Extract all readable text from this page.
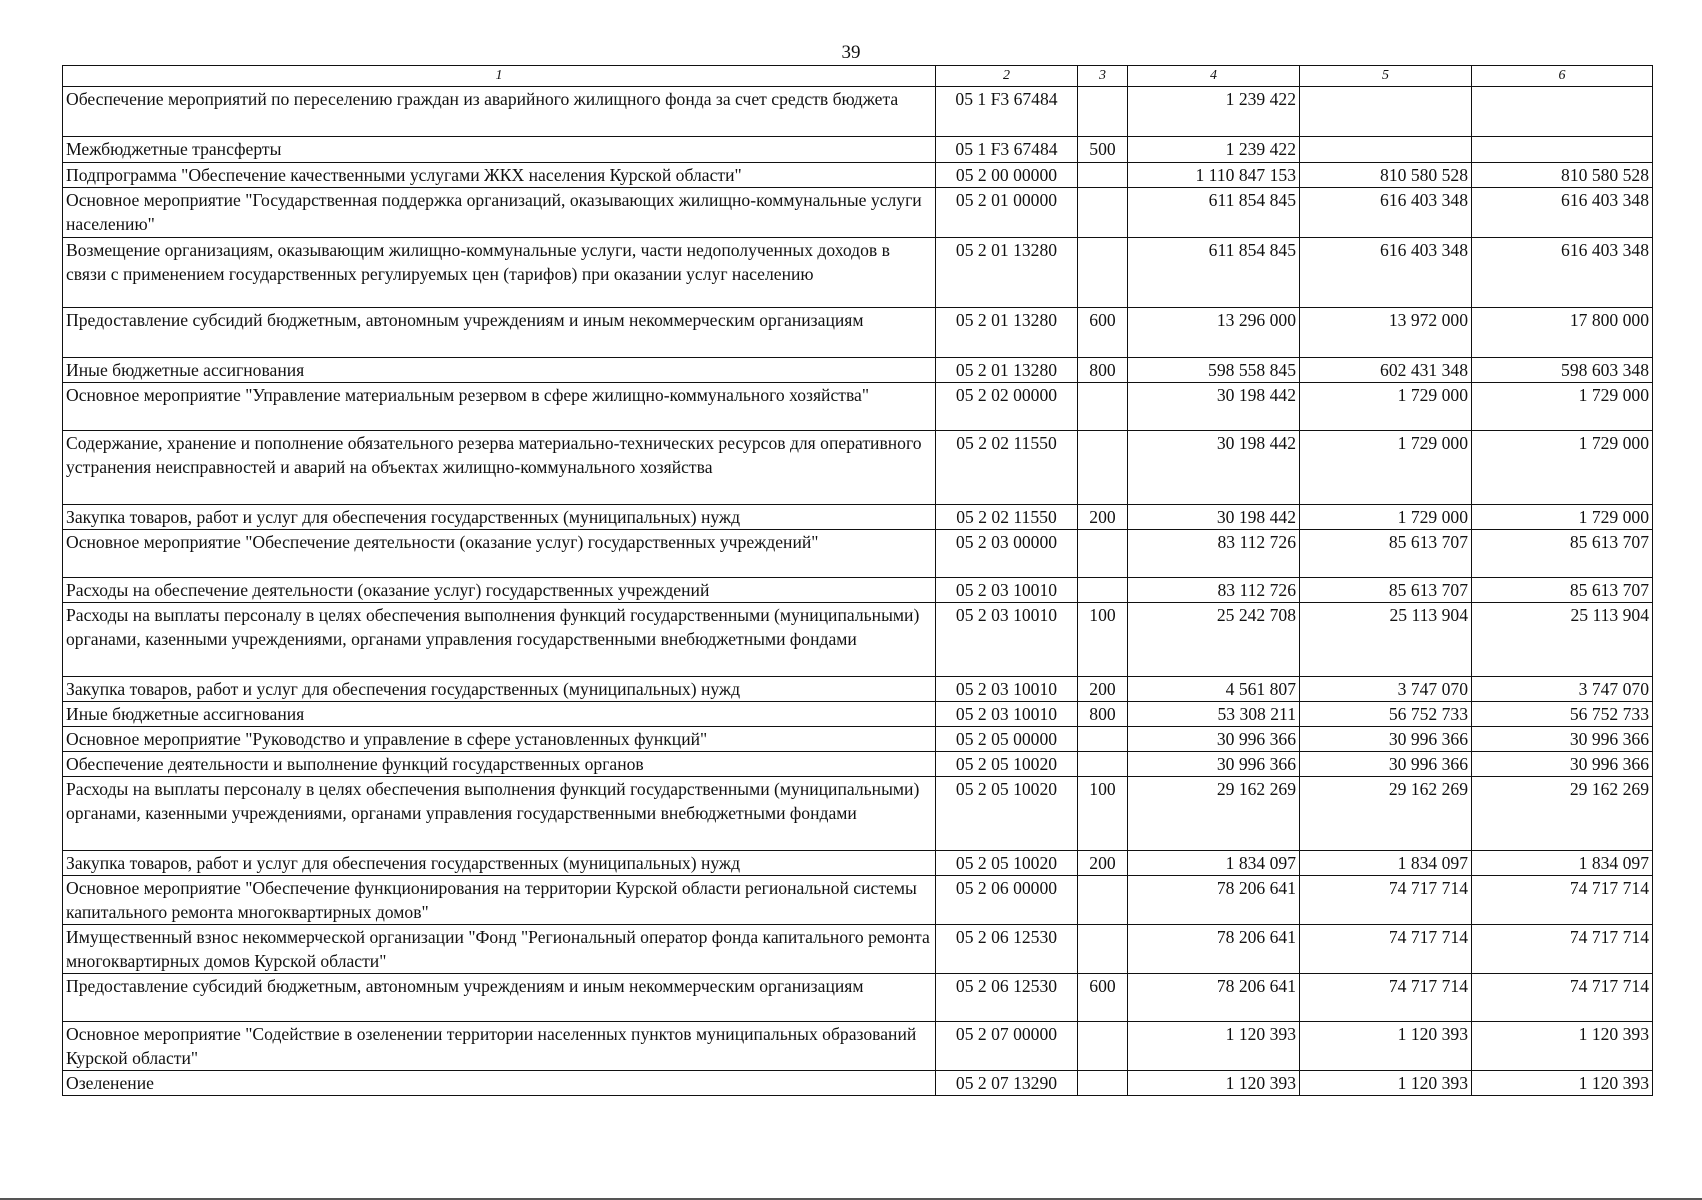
39
1	2	3	4	5	6
Обеспечение мероприятий по переселению граждан из аварийного жилищного фонда за счет средств бюджета	05 1 F3 67484		1 239 422		
Межбюджетные трансферты	05 1 F3 67484	500	1 239 422		
Подпрограмма "Обеспечение качественными услугами ЖКХ населения Курской области"	05 2 00 00000		1 110 847 153	810 580 528	810 580 528
Основное мероприятие "Государственная поддержка организаций, оказывающих жилищно-коммунальные услуги населению"	05 2 01 00000		611 854 845	616 403 348	616 403 348
Возмещение организациям, оказывающим жилищно-коммунальные услуги, части недополученных доходов в связи с применением государственных регулируемых цен (тарифов) при оказании услуг населению	05 2 01 13280		611 854 845	616 403 348	616 403 348
Предоставление субсидий бюджетным, автономным учреждениям и иным некоммерческим организациям	05 2 01 13280	600	13 296 000	13 972 000	17 800 000
Иные бюджетные ассигнования	05 2 01 13280	800	598 558 845	602 431 348	598 603 348
Основное мероприятие "Управление материальным резервом в сфере жилищно-коммунального хозяйства"	05 2 02 00000		30 198 442	1 729 000	1 729 000
Содержание, хранение и пополнение обязательного резерва материально-технических ресурсов для оперативного устранения неисправностей и аварий на объектах жилищно-коммунального хозяйства	05 2 02 11550		30 198 442	1 729 000	1 729 000
Закупка товаров, работ и услуг для обеспечения государственных (муниципальных) нужд	05 2 02 11550	200	30 198 442	1 729 000	1 729 000
Основное мероприятие "Обеспечение деятельности (оказание услуг) государственных учреждений"	05 2 03 00000		83 112 726	85 613 707	85 613 707
Расходы на обеспечение деятельности (оказание услуг) государственных учреждений	05 2 03 10010		83 112 726	85 613 707	85 613 707
Расходы на выплаты персоналу в целях обеспечения выполнения функций государственными (муниципальными) органами, казенными учреждениями, органами управления государственными внебюджетными фондами	05 2 03 10010	100	25 242 708	25 113 904	25 113 904
Закупка товаров, работ и услуг для обеспечения государственных (муниципальных) нужд	05 2 03 10010	200	4 561 807	3 747 070	3 747 070
Иные бюджетные ассигнования	05 2 03 10010	800	53 308 211	56 752 733	56 752 733
Основное мероприятие "Руководство и управление в сфере установленных функций"	05 2 05 00000		30 996 366	30 996 366	30 996 366
Обеспечение деятельности и выполнение функций государственных органов	05 2 05 10020		30 996 366	30 996 366	30 996 366
Расходы на выплаты персоналу в целях обеспечения выполнения функций государственными (муниципальными) органами, казенными учреждениями, органами управления государственными внебюджетными фондами	05 2 05 10020	100	29 162 269	29 162 269	29 162 269
Закупка товаров, работ и услуг для обеспечения государственных (муниципальных) нужд	05 2 05 10020	200	1 834 097	1 834 097	1 834 097
Основное мероприятие "Обеспечение функционирования на территории Курской области региональной системы капитального ремонта многоквартирных домов"	05 2 06 00000		78 206 641	74 717 714	74 717 714
Имущественный взнос некоммерческой организации "Фонд "Региональный оператор фонда капитального ремонта многоквартирных домов Курской области"	05 2 06 12530		78 206 641	74 717 714	74 717 714
Предоставление субсидий бюджетным, автономным учреждениям и иным некоммерческим организациям	05 2 06 12530	600	78 206 641	74 717 714	74 717 714
Основное мероприятие "Содействие в озеленении территории населенных пунктов муниципальных образований Курской области"	05 2 07 00000		1 120 393	1 120 393	1 120 393
Озеленение	05 2 07 13290		1 120 393	1 120 393	1 120 393
